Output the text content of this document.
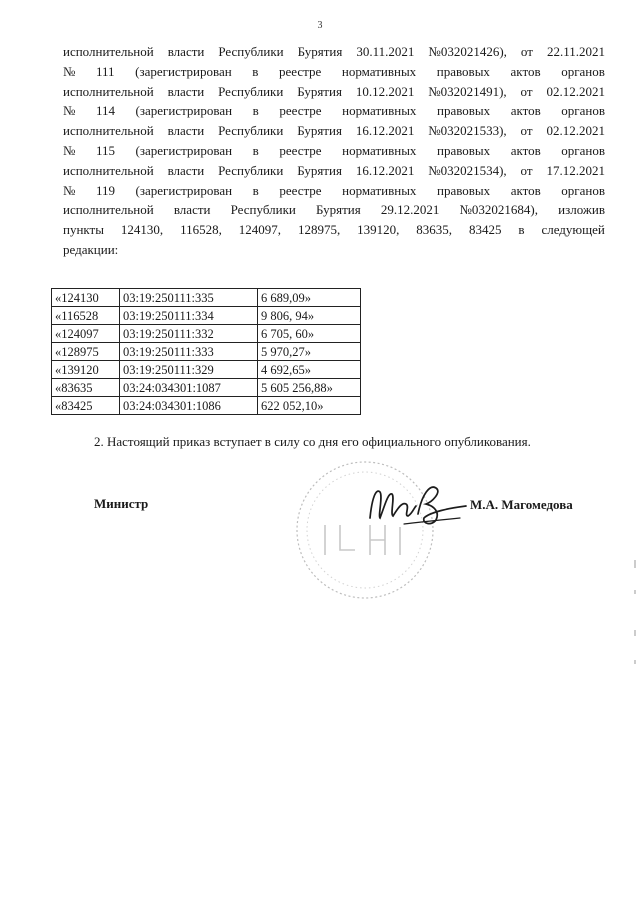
3
исполнительной власти Республики Бурятия 30.11.2021 №032021426), от 22.11.2021
№ 111 (зарегистрирован в реестре нормативных правовых актов органов
исполнительной власти Республики Бурятия 10.12.2021 №032021491), от 02.12.2021
№ 114 (зарегистрирован в реестре нормативных правовых актов органов
исполнительной власти Республики Бурятия 16.12.2021 №032021533), от 02.12.2021
№ 115 (зарегистрирован в реестре нормативных правовых актов органов
исполнительной власти Республики Бурятия 16.12.2021 №032021534), от 17.12.2021
№ 119 (зарегистрирован в реестре нормативных правовых актов органов
исполнительной власти Республики Бурятия 29.12.2021 №032021684), изложив
пункты 124130, 116528, 124097, 128975, 139120, 83635, 83425 в следующей
редакции:
«124130	03:19:250111:335	6 689,09»
«116528	03:19:250111:334	9 806, 94»
«124097	03:19:250111:332	6 705, 60»
«128975	03:19:250111:333	5 970,27»
«139120	03:19:250111:329	4 692,65»
«83635	03:24:034301:1087	5 605 256,88»
«83425	03:24:034301:1086	622 052,10»
2. Настоящий приказ вступает в силу со дня его официального опубликования.
Министр	М.А. Магомедова
